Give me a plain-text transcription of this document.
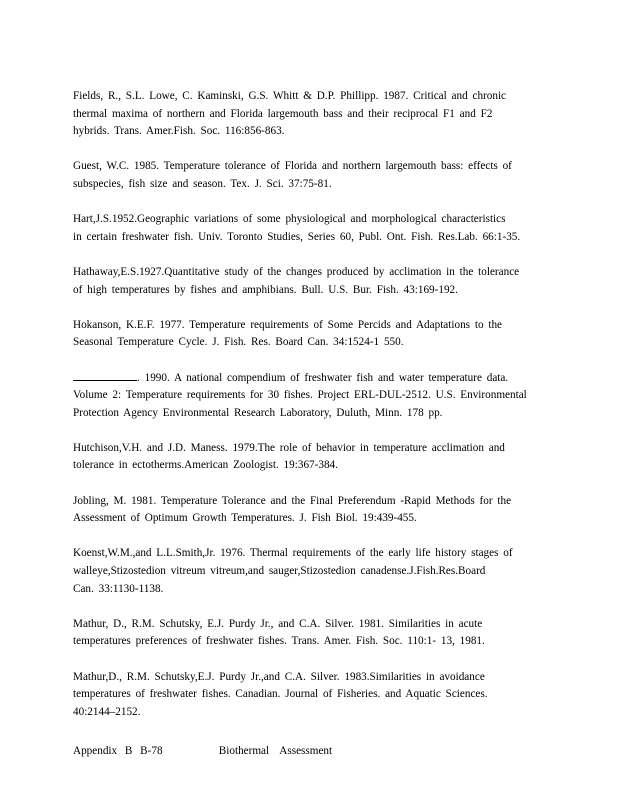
Fields, R., S.L. Lowe, C. Kaminski, G.S. Whitt & D.P. Phillipp. 1987. Critical and chronic
thermal maxima of northern and Florida largemouth bass and their reciprocal F1 and F2
hybrids. Trans. Amer.Fish. Soc. 116:856-863.
Guest, W.C. 1985. Temperature tolerance of Florida and northern largemouth bass: effects of
subspecies, fish size and season. Tex. J. Sci. 37:75-81.
Hart,J.S.1952.Geographic variations of some physiological and morphological characteristics
in certain freshwater fish. Univ. Toronto Studies, Series 60, Publ. Ont. Fish. Res.Lab. 66:1-35.
Hathaway,E.S.1927.Quantitative study of the changes produced by acclimation in the tolerance
of high temperatures by fishes and amphibians. Bull. U.S. Bur. Fish. 43:169-192.
Hokanson, K.E.F. 1977. Temperature requirements of Some Percids and Adaptations to the
Seasonal Temperature Cycle. J. Fish. Res. Board Can. 34:1524-1 550.
. 1990. A national compendium of freshwater fish and water temperature data.
Volume 2: Temperature requirements for 30 fishes. Project ERL-DUL-2512. U.S. Environmental
Protection Agency Environmental Research Laboratory, Duluth, Minn. 178 pp.
Hutchison,V.H. and J.D. Maness. 1979.The role of behavior in temperature acclimation and
tolerance in ectotherms.American Zoologist. 19:367-384.
Jobling, M. 1981. Temperature Tolerance and the Final Preferendum -Rapid Methods for the
Assessment of Optimum Growth Temperatures. J. Fish Biol. 19:439-455.
Koenst,W.M.,and L.L.Smith,Jr. 1976. Thermal requirements of the early life history stages of
walleye,Stizostedion vitreum vitreum,and sauger,Stizostedion canadense.J.Fish.Res.Board
Can. 33:1130-1138.
Mathur, D., R.M. Schutsky, E.J. Purdy Jr., and C.A. Silver. 1981. Similarities in acute
temperatures preferences of freshwater fishes. Trans. Amer. Fish. Soc. 110:1- 13, 1981.
Mathur,D., R.M. Schutsky,E.J. Purdy Jr.,and C.A. Silver. 1983.Similarities in avoidance
temperatures of freshwater fishes. Canadian. Journal of Fisheries. and Aquatic Sciences.
40:2144–2152.
Appendix B B-78	Biothermal Assessment
